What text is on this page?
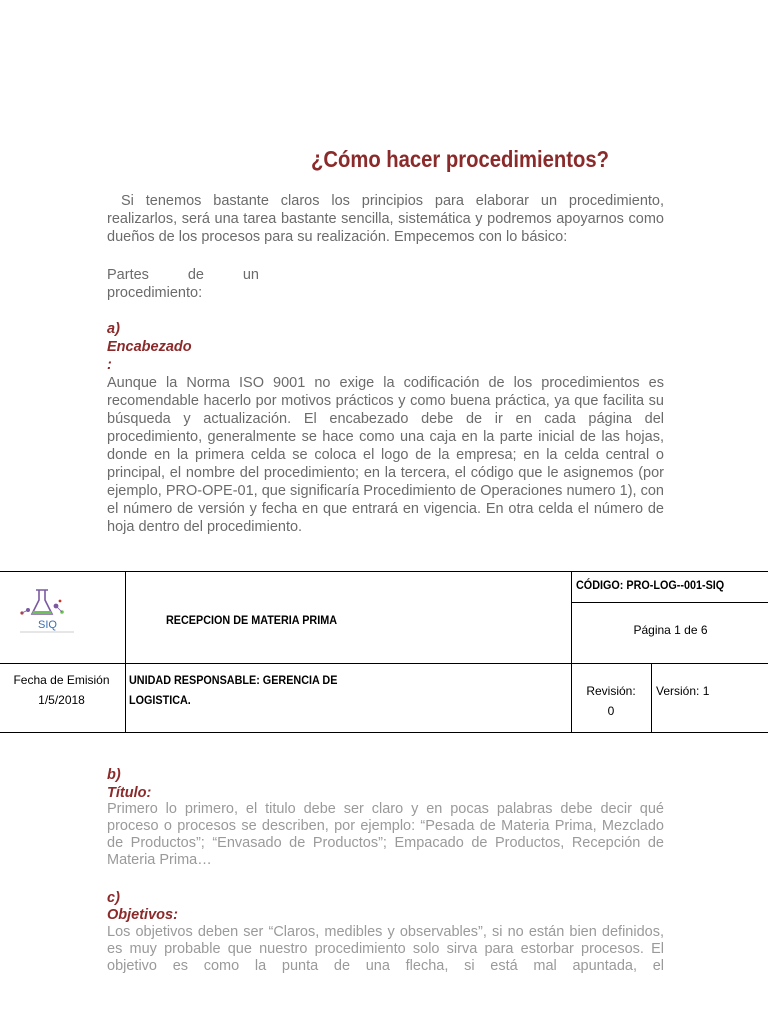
¿Cómo hacer procedimientos?
Si tenemos bastante claros los principios para elaborar un procedimiento, realizarlos, será una tarea bastante sencilla, sistemática y podremos apoyarnos como dueños de los procesos para su realización. Empecemos con lo básico:
Partes de un procedimiento:
a)
Encabezado
:
Aunque la Norma ISO 9001 no exige la codificación de los procedimientos es recomendable hacerlo por motivos prácticos y como buena práctica, ya que facilita su búsqueda y actualización. El encabezado debe de ir en cada página del procedimiento, generalmente se hace como una caja en la parte inicial de las hojas, donde en la primera celda se coloca el logo de la empresa; en la celda central o principal, el nombre del procedimiento; en la tercera, el código que le asignemos (por ejemplo, PRO-OPE-01, que significaría Procedimiento de Operaciones numero 1), con el número de versión y fecha en que entrará en vigencia. En otra celda el número de hoja dentro del procedimiento.
SIQ	RECEPCION DE MATERIA PRIMA
CÓDIGO: PRO-LOG--001-SIQ
Página 1 de 6
Fecha de Emisión
1/5/2018
UNIDAD RESPONSABLE: GERENCIA DE
LOGISTICA.
Revisión:
0
Versión: 1
b)
Título:
Primero lo primero, el titulo debe ser claro y en pocas palabras debe decir qué proceso o procesos se describen, por ejemplo: “Pesada de Materia Prima, Mezclado de Productos”; “Envasado de Productos”; Empacado de Productos, Recepción de Materia Prima…
c)
Objetivos:
Los objetivos deben ser “Claros, medibles y observables”, si no están bien definidos, es muy probable que nuestro procedimiento solo sirva para estorbar procesos. El objetivo es como la punta de una flecha, si está mal apuntada, el
